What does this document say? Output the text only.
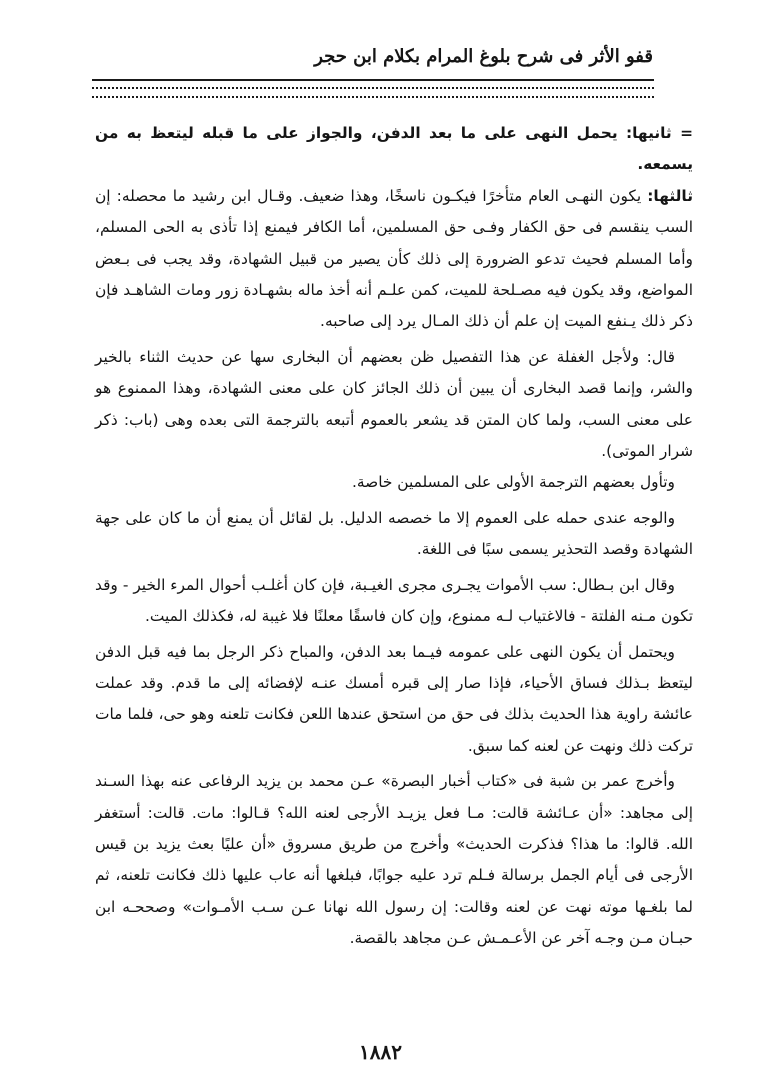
قفو الأثر فى شرح بلوغ المرام بكلام ابن حجر

= ثانيها: يحمل النهى على ما بعد الدفن، والجواز على ما قبله ليتعظ به من يسمعه.

ثالثها: يكون النهـى العام متأخرًا فيكـون ناسخًا، وهذا ضعيف. وقـال ابن رشيد ما محصله: إن السب ينقسم فى حق الكفار وفـى حق المسلمين، أما الكافر فيمنع إذا تأذى به الحى المسلم، وأما المسلم فحيث تدعو الضرورة إلى ذلك كأن يصير من قبيل الشهادة، وقد يجب فى بـعض المواضع، وقد يكون فيه مصـلحة للميت، كمن علـم أنه أخذ ماله بشهـادة زور ومات الشاهـد فإن ذكر ذلك يـنفع الميت إن علم أن ذلك المـال يرد إلى صاحبه.

قال: ولأجل الغفلة عن هذا التفصيل ظن بعضهم أن البخارى سها عن حديث الثناء بالخير والشر، وإنما قصد البخارى أن يبين أن ذلك الجائز كان على معنى الشهادة، وهذا الممنوع هو على معنى السب، ولما كان المتن قد يشعر بالعموم أتبعه بالترجمة التى بعده وهى (باب: ذكر شرار الموتى).

وتأول بعضهم الترجمة الأولى على المسلمين خاصة.

والوجه عندى حمله على العموم إلا ما خصصه الدليل. بل لقائل أن يمنع أن ما كان على جهة الشهادة وقصد التحذير يسمى سبًا فى اللغة.

وقال ابن بـطال: سب الأموات يجـرى مجرى الغيـبة، فإن كان أغلـب أحوال المرء الخير - وقد تكون مـنه الفلتة - فالاغتياب لـه ممنوع، وإن كان فاسقًا معلنًا فلا غيبة له، فكذلك الميت.

ويحتمل أن يكون النهى على عمومه فيـما بعد الدفن، والمباح ذكر الرجل بما فيه قبل الدفن ليتعظ بـذلك فساق الأحياء، فإذا صار إلى قبره أمسك عنـه لإفضائه إلى ما قدم. وقد عملت عائشة راوية هذا الحديث بذلك فى حق من استحق عندها اللعن فكانت تلعنه وهو حى، فلما مات تركت ذلك ونهت عن لعنه كما سبق.

وأخرج عمر بن شبة فى «كتاب أخبار البصرة» عـن محمد بن يزيد الرفاعى عنه بهذا السـند إلى مجاهد: «أن عـائشة قالت: مـا فعل يزيـد الأرجى لعنه الله؟ قـالوا: مات. قالت: أستغفر الله. قالوا: ما هذا؟ فذكرت الحديث» وأخرج من طريق مسروق «أن عليًا بعث يزيد بن قيس الأرجى فى أيام الجمل برسالة فـلم ترد عليه جوابًا، فبلغها أنه عاب عليها ذلك فكانت تلعنه، ثم لما بلغـها موته نهت عن لعنه وقالت: إن رسول الله نهانا عـن سـب الأمـوات» وصححـه ابن حبـان مـن وجـه آخر عن الأعـمـش عـن مجاهد بالقصة.

١٨٨٢
